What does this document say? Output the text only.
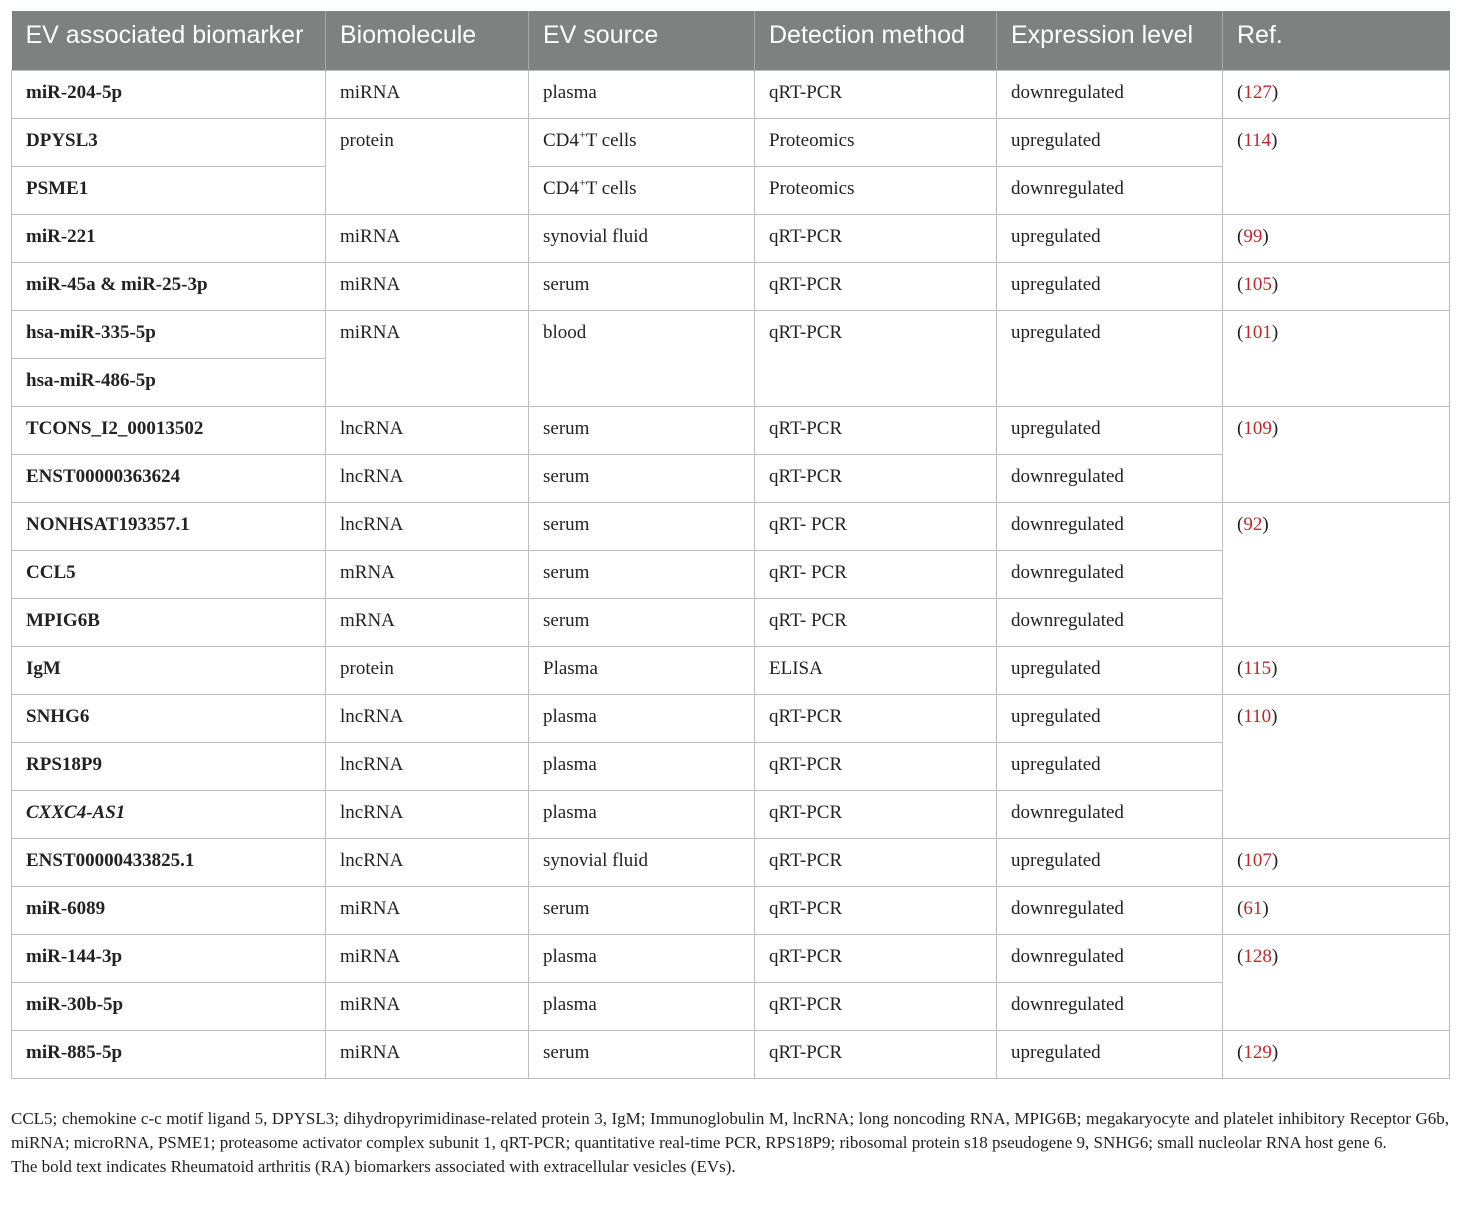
EV associated biomarker	Biomolecule	EV source	Detection method	Expression level	Ref.
miR-204-5p	miRNA	plasma	qRT-PCR	downregulated	(127)
DPYSL3	protein	CD4+T cells	Proteomics	upregulated	(114)
PSME1		CD4+T cells	Proteomics	downregulated	
miR-221	miRNA	synovial fluid	qRT-PCR	upregulated	(99)
miR-45a & miR-25-3p	miRNA	serum	qRT-PCR	upregulated	(105)
hsa-miR-335-5p	miRNA	blood	qRT-PCR	upregulated	(101)
hsa-miR-486-5p					
TCONS_I2_00013502	lncRNA	serum	qRT-PCR	upregulated	(109)
ENST00000363624	lncRNA	serum	qRT-PCR	downregulated	
NONHSAT193357.1	lncRNA	serum	qRT- PCR	downregulated	(92)
CCL5	mRNA	serum	qRT- PCR	downregulated	
MPIG6B	mRNA	serum	qRT- PCR	downregulated	
IgM	protein	Plasma	ELISA	upregulated	(115)
SNHG6	lncRNA	plasma	qRT-PCR	upregulated	(110)
RPS18P9	lncRNA	plasma	qRT-PCR	upregulated	
CXXC4-AS1	lncRNA	plasma	qRT-PCR	downregulated	
ENST00000433825.1	lncRNA	synovial fluid	qRT-PCR	upregulated	(107)
miR-6089	miRNA	serum	qRT-PCR	downregulated	(61)
miR-144-3p	miRNA	plasma	qRT-PCR	downregulated	(128)
miR-30b-5p	miRNA	plasma	qRT-PCR	downregulated	
miR-885-5p	miRNA	serum	qRT-PCR	upregulated	(129)

CCL5; chemokine c-c motif ligand 5, DPYSL3; dihydropyrimidinase-related protein 3, IgM; Immunoglobulin M, lncRNA; long noncoding RNA, MPIG6B; megakaryocyte and platelet inhibitory Receptor G6b, miRNA; microRNA, PSME1; proteasome activator complex subunit 1, qRT-PCR; quantitative real-time PCR, RPS18P9; ribosomal protein s18 pseudogene 9, SNHG6; small nucleolar RNA host gene 6.

The bold text indicates Rheumatoid arthritis (RA) biomarkers associated with extracellular vesicles (EVs).
